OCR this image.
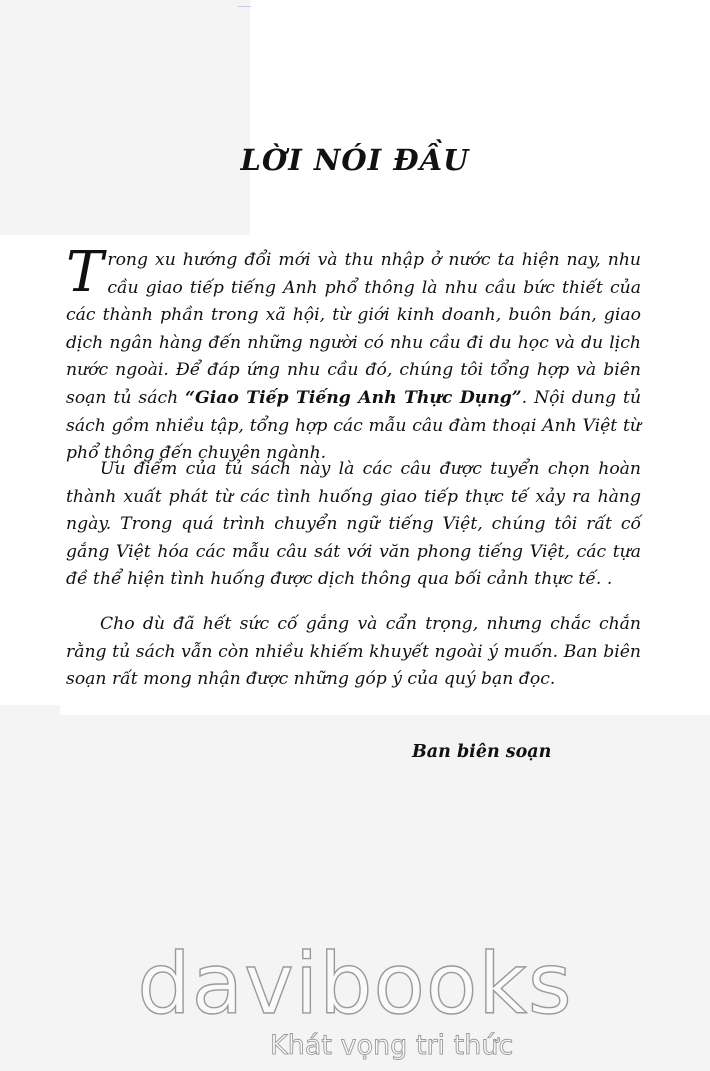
LỜI NÓI ĐẦU
Trong xu hướng đổi mới và thu nhập ở nước ta hiện nay, nhu cầu giao tiếp tiếng Anh phổ thông là nhu cầu bức thiết của các thành phần trong xã hội, từ giới kinh doanh, buôn bán, giao dịch ngân hàng đến những người có nhu cầu đi du học và du lịch nước ngoài. Để đáp ứng nhu cầu đó, chúng tôi tổng hợp và biên soạn tủ sách “Giao Tiếp Tiếng Anh Thực Dụng”. Nội dung tủ sách gồm nhiều tập, tổng hợp các mẫu câu đàm thoại Anh Việt từ phổ thông đến chuyên ngành.
Ưu điểm của tủ sách này là các câu được tuyển chọn hoàn thành xuất phát từ các tình huống giao tiếp thực tế xảy ra hàng ngày. Trong quá trình chuyển ngữ tiếng Việt, chúng tôi rất cố gắng Việt hóa các mẫu câu sát với văn phong tiếng Việt, các tựa đề thể hiện tình huống được dịch thông qua bối cảnh thực tế. .
Cho dù đã hết sức cố gắng và cẩn trọng, nhưng chắc chắn rằng tủ sách vẫn còn nhiều khiếm khuyết ngoài ý muốn. Ban biên soạn rất mong nhận được những góp ý của quý bạn đọc.
Ban biên soạn
davibooks
Khát vọng tri thức
